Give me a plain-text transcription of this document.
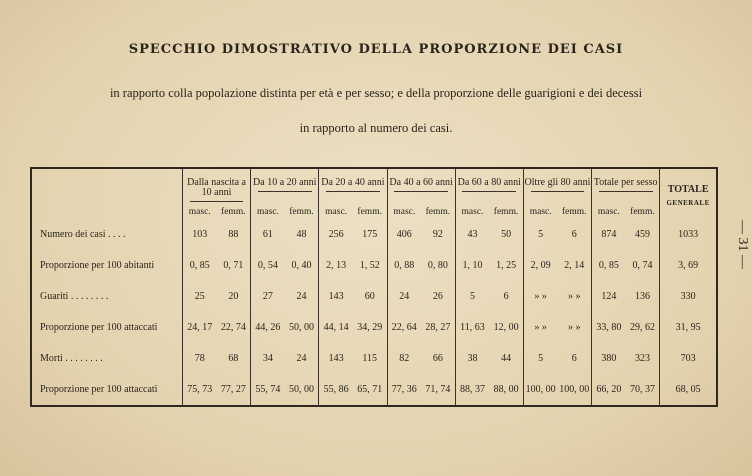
SPECCHIO DIMOSTRATIVO DELLA PROPORZIONE DEI CASI
in rapporto colla popolazione distinta per età e per sesso; e della proporzione delle guarigioni e dei decessi
in rapporto al numero dei casi.
— 31 —
	Dalla nascita a 10 anni		Da 10 a 20 anni		Da 20 a 40 anni		Da 40 a 60 anni		Da 60 a 80 anni		Oltre gli 80 anni		Totale per sesso		TOTALE
GENERALE

	masc.	femm.	masc.	femm.	masc.	femm.	masc.	femm.	masc.	femm.	masc.	femm.	masc.	femm.	
Numero dei casi . . . .	103	88	61	48	256	175	406	92	43	50	5	6	874	459	1033
Proporzione per 100 abitanti	0, 85	0, 71	0, 54	0, 40	2, 13	1, 52	0, 88	0, 80	1, 10	1, 25	2, 09	2, 14	0, 85	0, 74	3, 69
Guariti . . . . . . . .	25	20	27	24	143	60	24	26	5	6	» »	» »	124	136	330
Proporzione per 100 attaccati	24, 17	22, 74	44, 26	50, 00	44, 14	34, 29	22, 64	28, 27	11, 63	12, 00	» »	» »	33, 80	29, 62	31, 95
Morti . . . . . . . .	78	68	34	24	143	115	82	66	38	44	5	6	380	323	703
Proporzione per 100 attaccati	75, 73	77, 27	55, 74	50, 00	55, 86	65, 71	77, 36	71, 74	88, 37	88, 00	100, 00	100, 00	66, 20	70, 37	68, 05
